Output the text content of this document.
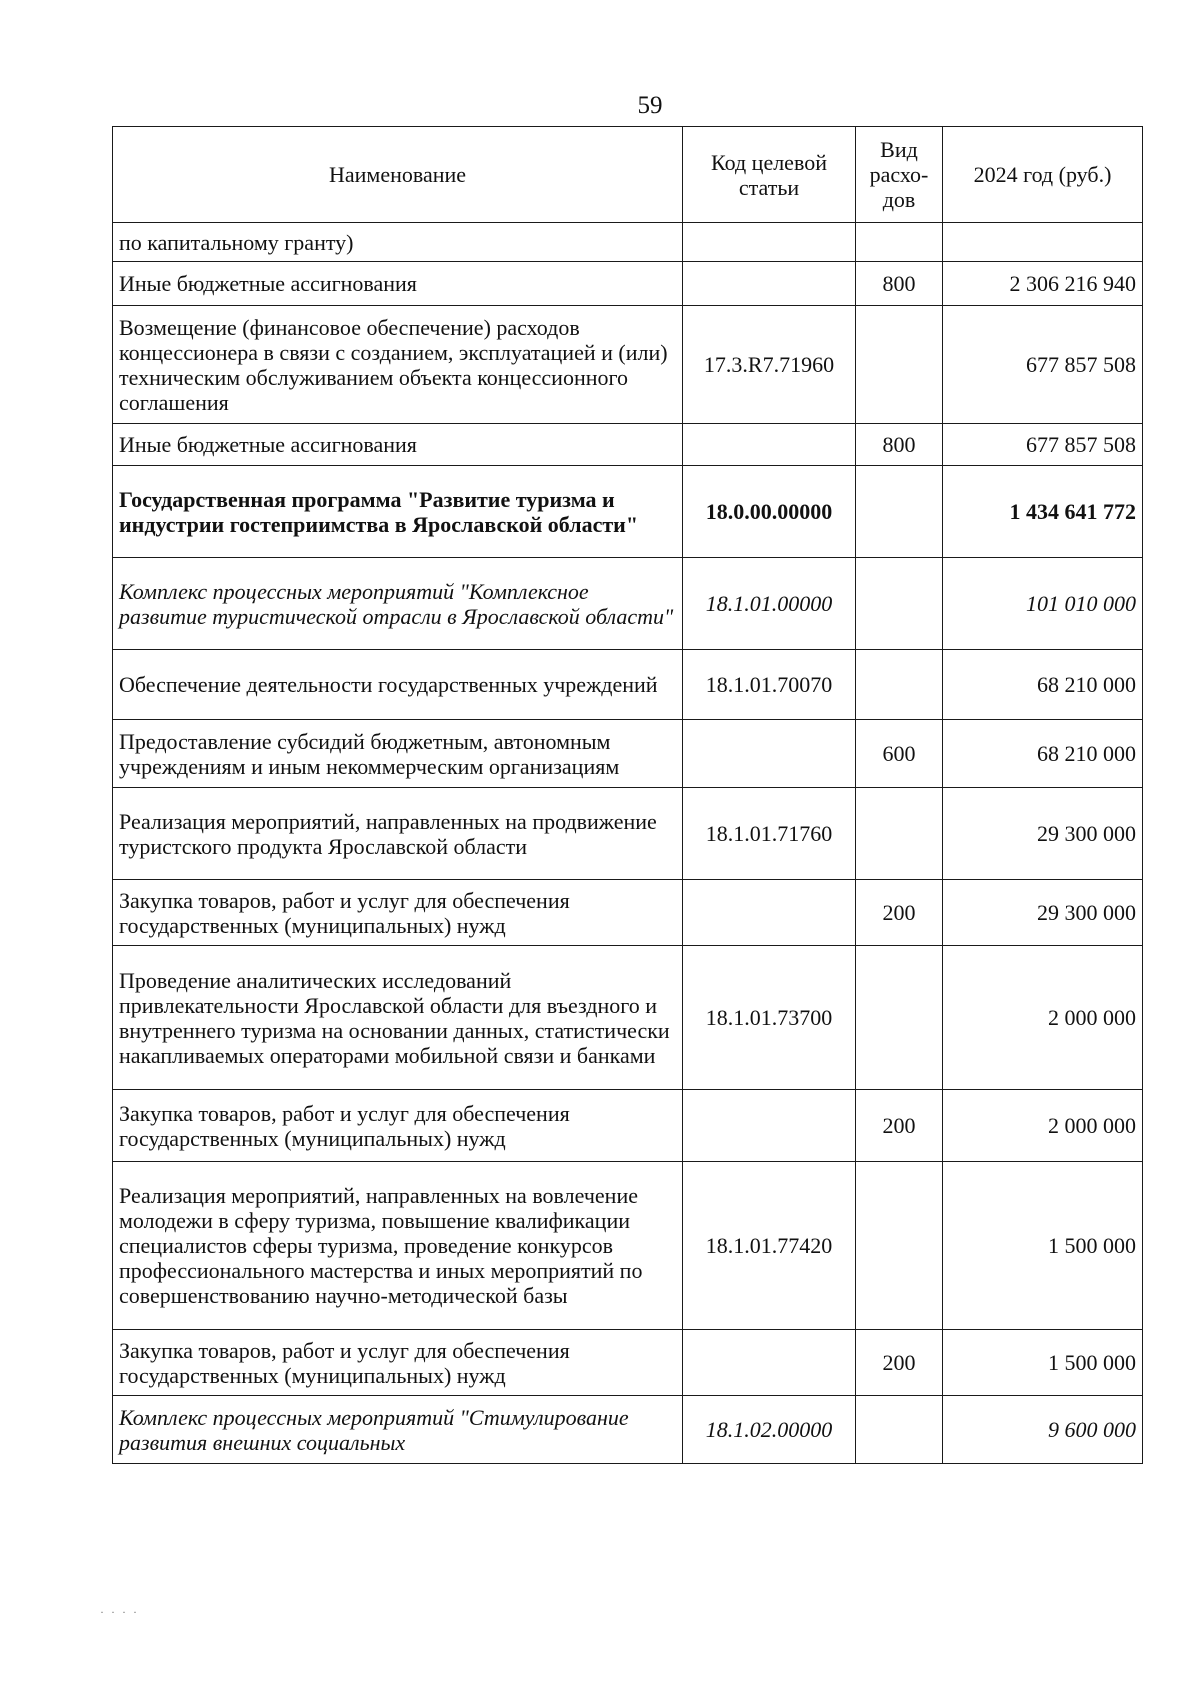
59
Наименование	Код целевой статьи	Вид расхо-дов	2024 год (руб.)
по капитальному гранту)			
Иные бюджетные ассигнования		800	2 306 216 940
Возмещение (финансовое обеспечение) расходов концессионера в связи с созданием, эксплуатацией и (или) техническим обслуживанием объекта концессионного соглашения	17.3.R7.71960		677 857 508
Иные бюджетные ассигнования		800	677 857 508
Государственная программа "Развитие туризма и индустрии гостеприимства в Ярославской области"	18.0.00.00000		1 434 641 772
Комплекс процессных мероприятий "Комплексное развитие туристической отрасли в Ярославской области"	18.1.01.00000		101 010 000
Обеспечение деятельности государственных учреждений	18.1.01.70070		68 210 000
Предоставление субсидий бюджетным, автономным учреждениям и иным некоммерческим организациям		600	68 210 000
Реализация мероприятий, направленных на продвижение туристского продукта Ярославской области	18.1.01.71760		29 300 000
Закупка товаров, работ и услуг для обеспечения государственных (муниципальных) нужд		200	29 300 000
Проведение аналитических исследований привлекательности Ярославской области для въездного и внутреннего туризма на основании данных, статистически накапливаемых операторами мобильной связи и банками	18.1.01.73700		2 000 000
Закупка товаров, работ и услуг для обеспечения государственных (муниципальных) нужд		200	2 000 000
Реализация мероприятий, направленных на вовлечение молодежи в сферу туризма, повышение квалификации специалистов сферы туризма, проведение конкурсов профессионального мастерства и иных мероприятий по совершенствованию научно-методической базы	18.1.01.77420		1 500 000
Закупка товаров, работ и услуг для обеспечения государственных (муниципальных) нужд		200	1 500 000
Комплекс процессных мероприятий "Стимулирование развития внешних социальных	18.1.02.00000		9 600 000
· · · ·
